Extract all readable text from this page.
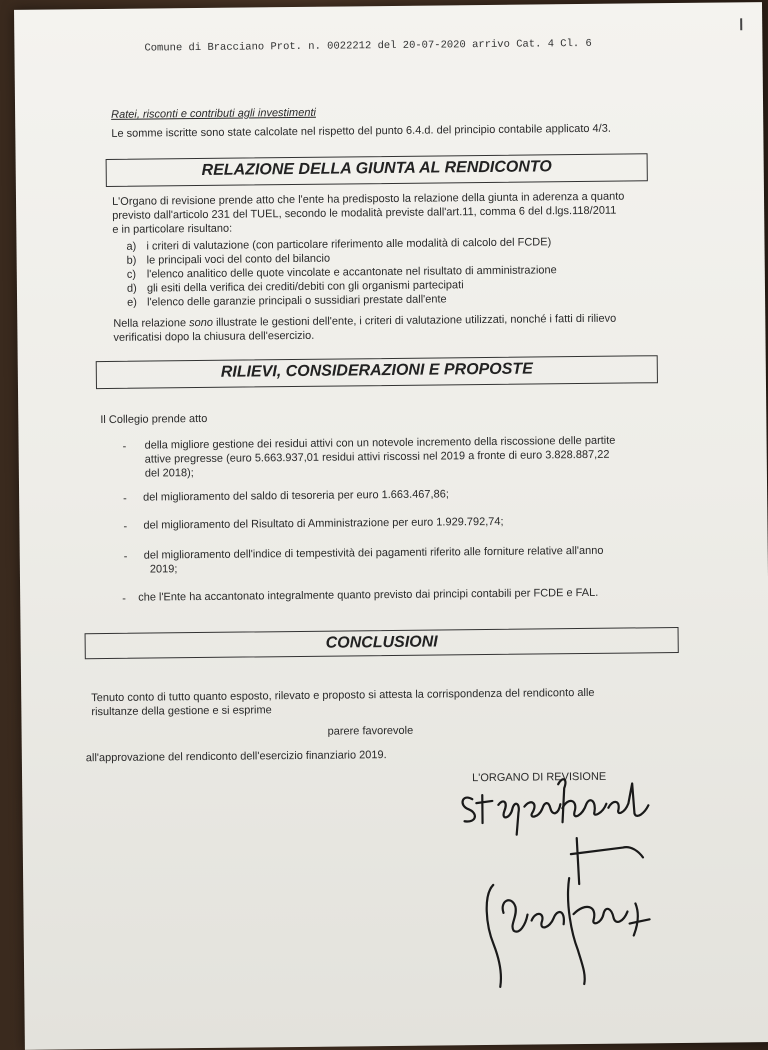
Comune di Bracciano Prot. n. 0022212 del 20-07-2020 arrivo Cat. 4 Cl. 6
Ratei, risconti e contributi agli investimenti
Le somme iscritte sono state calcolate nel rispetto del punto 6.4.d. del principio contabile applicato 4/3.
RELAZIONE DELLA GIUNTA AL RENDICONTO
L'Organo di revisione prende atto che l'ente ha predisposto la relazione della giunta in aderenza a quanto
previsto dall'articolo 231 del TUEL, secondo le modalità previste dall'art.11, comma 6 del d.lgs.118/2011
e in particolare risultano:
a) i criteri di valutazione (con particolare riferimento alle modalità di calcolo del FCDE)
b) le principali voci del conto del bilancio
c) l'elenco analitico delle quote vincolate e accantonate nel risultato di amministrazione
d) gli esiti della verifica dei crediti/debiti con gli organismi partecipati
e) l'elenco delle garanzie principali o sussidiari prestate dall'ente
Nella relazione sono illustrate le gestioni dell'ente, i criteri di valutazione utilizzati, nonché i fatti di rilievo
verificatisi dopo la chiusura dell'esercizio.
RILIEVI, CONSIDERAZIONI E PROPOSTE
Il Collegio prende atto
- della migliore gestione dei residui attivi con un notevole incremento della riscossione delle partite
attive pregresse (euro 5.663.937,01 residui attivi riscossi nel 2019 a fronte di euro 3.828.887,22
del 2018);
- del miglioramento del saldo di tesoreria per euro 1.663.467,86;
- del miglioramento del Risultato di Amministrazione per euro 1.929.792,74;
- del miglioramento dell'indice di tempestività dei pagamenti riferito alle forniture relative all'anno
2019;
- che l'Ente ha accantonato integralmente quanto previsto dai principi contabili per FCDE e FAL.
CONCLUSIONI
Tenuto conto di tutto quanto esposto, rilevato e proposto si attesta la corrispondenza del rendiconto alle
risultanze della gestione e si esprime
parere favorevole
all'approvazione del rendiconto dell'esercizio finanziario 2019.
L'ORGANO DI REVISIONE
